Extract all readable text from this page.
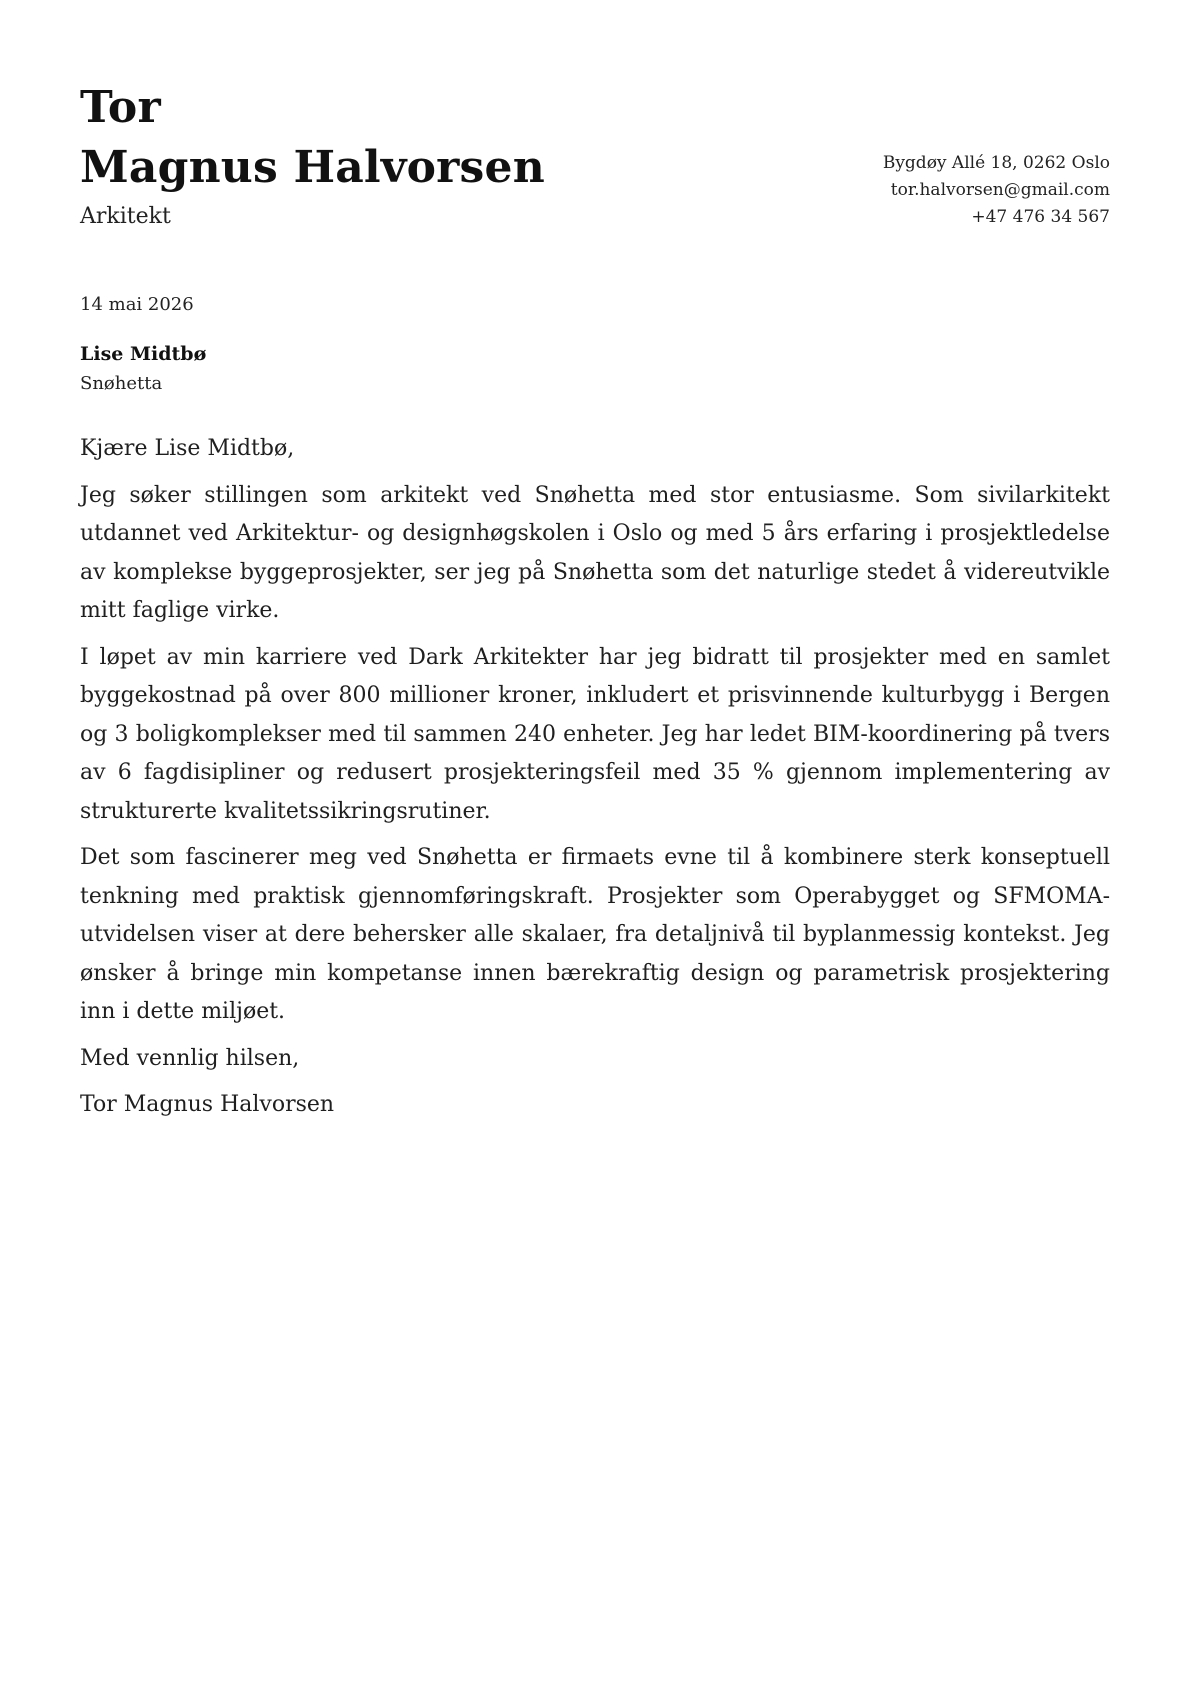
Tor
Magnus Halvorsen
Arkitekt
Bygdøy Allé 18, 0262 Oslo
tor.halvorsen@gmail.com
+47 476 34 567
14 mai 2026
Lise Midtbø
Snøhetta

Kjære Lise Midtbø,

Jeg søker stillingen som arkitekt ved Snøhetta med stor entusiasme. Som sivilarkitekt utdannet ved Arkitektur- og designhøgskolen i Oslo og med 5 års erfaring i prosjektledelse av komplekse byggeprosjekter, ser jeg på Snøhetta som det naturlige stedet å videreutvikle mitt faglige virke.

I løpet av min karriere ved Dark Arkitekter har jeg bidratt til prosjekter med en samlet byggekostnad på over 800 millioner kroner, inkludert et prisvinnende kulturbygg i Bergen og 3 boligkomplekser med til sammen 240 enheter. Jeg har ledet BIM-koordinering på tvers av 6 fagdisipliner og redusert prosjekteringsfeil med 35 % gjennom implementering av strukturerte kvalitetssikringsrutiner.

Det som fascinerer meg ved Snøhetta er firmaets evne til å kombinere sterk konseptuell tenkning med praktisk gjennomføringskraft. Prosjekter som Operabygget og SFMOMA-utvidelsen viser at dere behersker alle skalaer, fra detaljnivå til byplanmessig kontekst. Jeg ønsker å bringe min kompetanse innen bærekraftig design og parametrisk prosjektering inn i dette miljøet.

Med vennlig hilsen,

Tor Magnus Halvorsen
